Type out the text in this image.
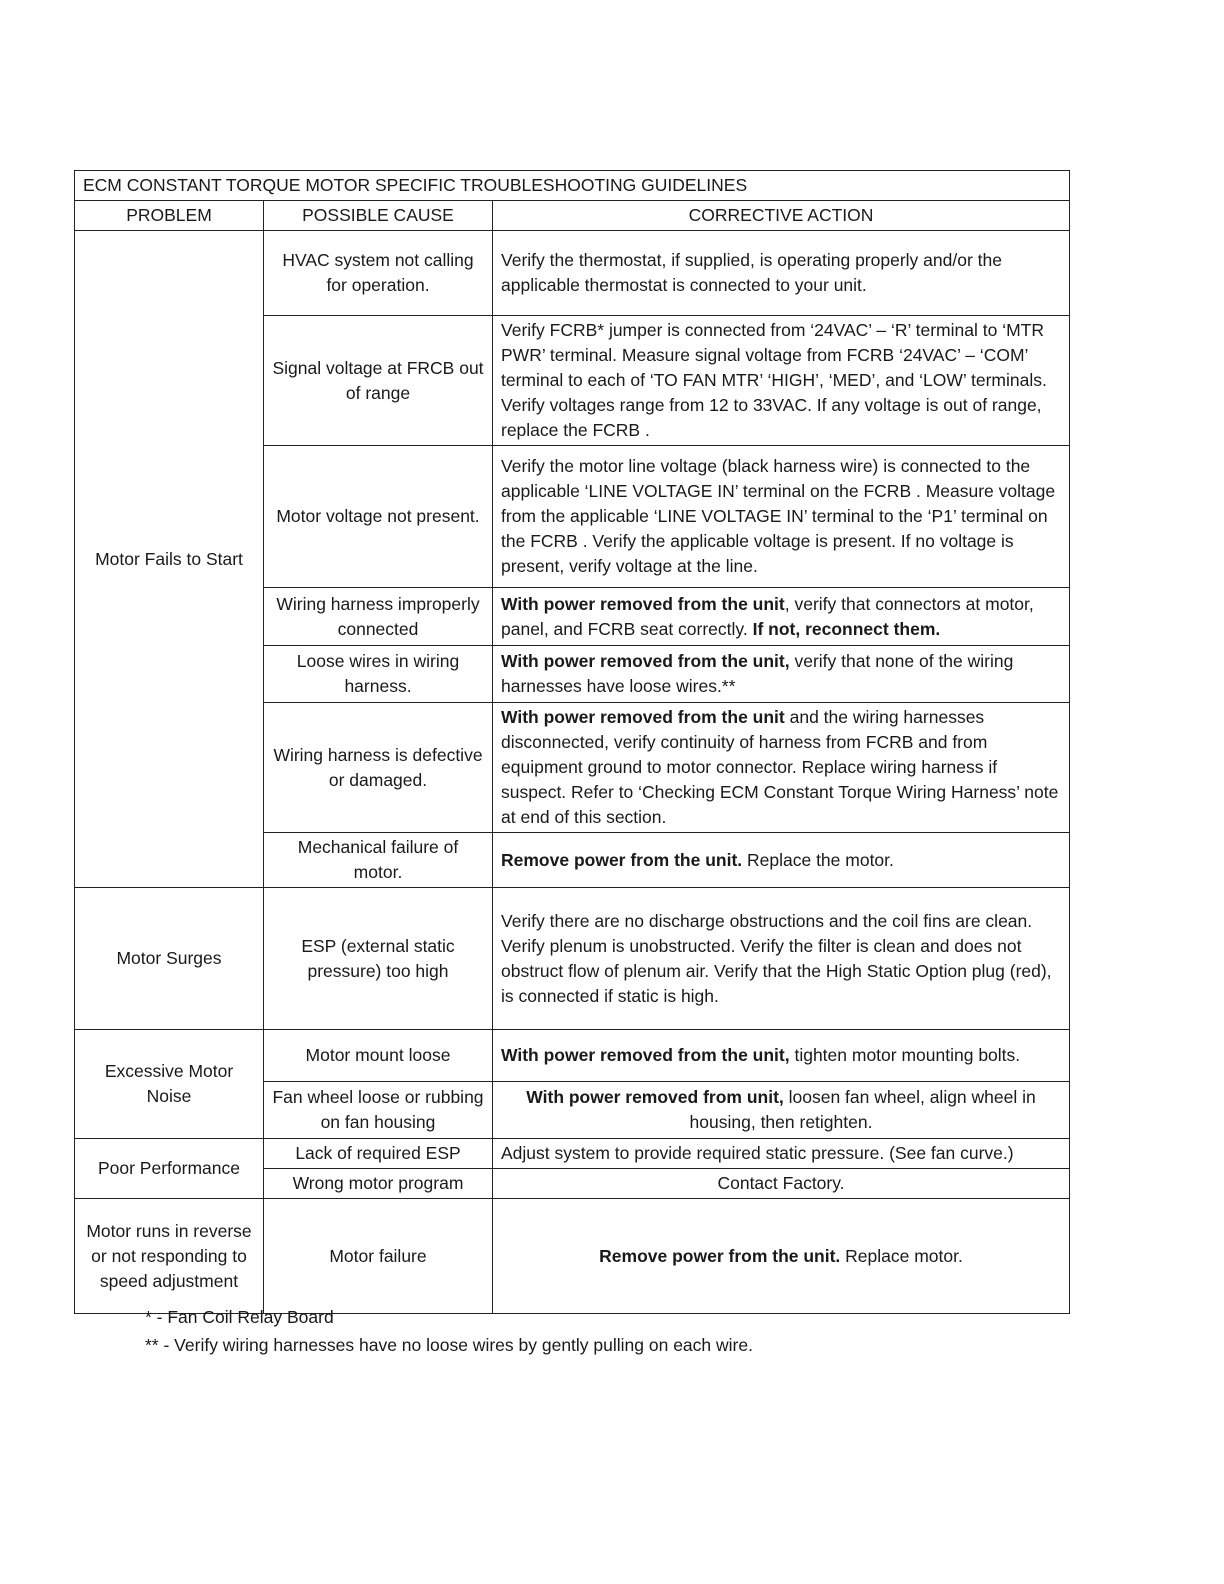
ECM CONSTANT TORQUE MOTOR SPECIFIC TROUBLESHOOTING GUIDELINES		
PROBLEM	POSSIBLE CAUSE	CORRECTIVE ACTION
Motor Fails to Start	HVAC system not calling for operation.	Verify the thermostat, if supplied, is operating properly and/or the applicable thermostat is connected to your unit.
	Signal voltage at FRCB out of range	Verify FCRB* jumper is connected from ‘24VAC’ – ‘R’ terminal to ‘MTR PWR’ terminal. Measure signal voltage from FCRB ‘24VAC’ – ‘COM’ terminal to each of ‘TO FAN MTR’ ‘HIGH’, ‘MED’, and ‘LOW’ terminals. Verify voltages range from 12 to 33VAC. If any voltage is out of range, replace the FCRB .
	Motor voltage not present.	Verify the motor line voltage (black harness wire) is connected to the applicable ‘LINE VOLTAGE IN’ terminal on the FCRB . Measure voltage from the applicable ‘LINE VOLTAGE IN’ terminal to the ‘P1’ terminal on the FCRB . Verify the applicable voltage is present. If no voltage is present, verify voltage at the line.
	Wiring harness improperly connected	With power removed from the unit, verify that connectors at motor, panel, and FCRB seat correctly. If not, reconnect them.
	Loose wires in wiring harness.	With power removed from the unit, verify that none of the wiring harnesses have loose wires.**
	Wiring harness is defective or damaged.	With power removed from the unit and the wiring harnesses disconnected, verify continuity of harness from FCRB and from equipment ground to motor connector. Replace wiring harness if suspect. Refer to ‘Checking ECM Constant Torque Wiring Harness’ note at end of this section.
	Mechanical failure of motor.	Remove power from the unit. Replace the motor.
Motor Surges	ESP (external static pressure) too high	Verify there are no discharge obstructions and the coil fins are clean. Verify plenum is unobstructed. Verify the filter is clean and does not obstruct flow of plenum air. Verify that the High Static Option plug (red), is connected if static is high.
Excessive Motor Noise	Motor mount loose	With power removed from the unit, tighten motor mounting bolts.
	Fan wheel loose or rubbing on fan housing	With power removed from unit, loosen fan wheel, align wheel in housing, then retighten.
Poor Performance	Lack of required ESP	Adjust system to provide required static pressure. (See fan curve.)
	Wrong motor program	Contact Factory.
Motor runs in reverse or not responding to speed adjustment	Motor failure	Remove power from the unit. Replace motor.
* - Fan Coil Relay Board
** - Verify wiring harnesses have no loose wires by gently pulling on each wire.
